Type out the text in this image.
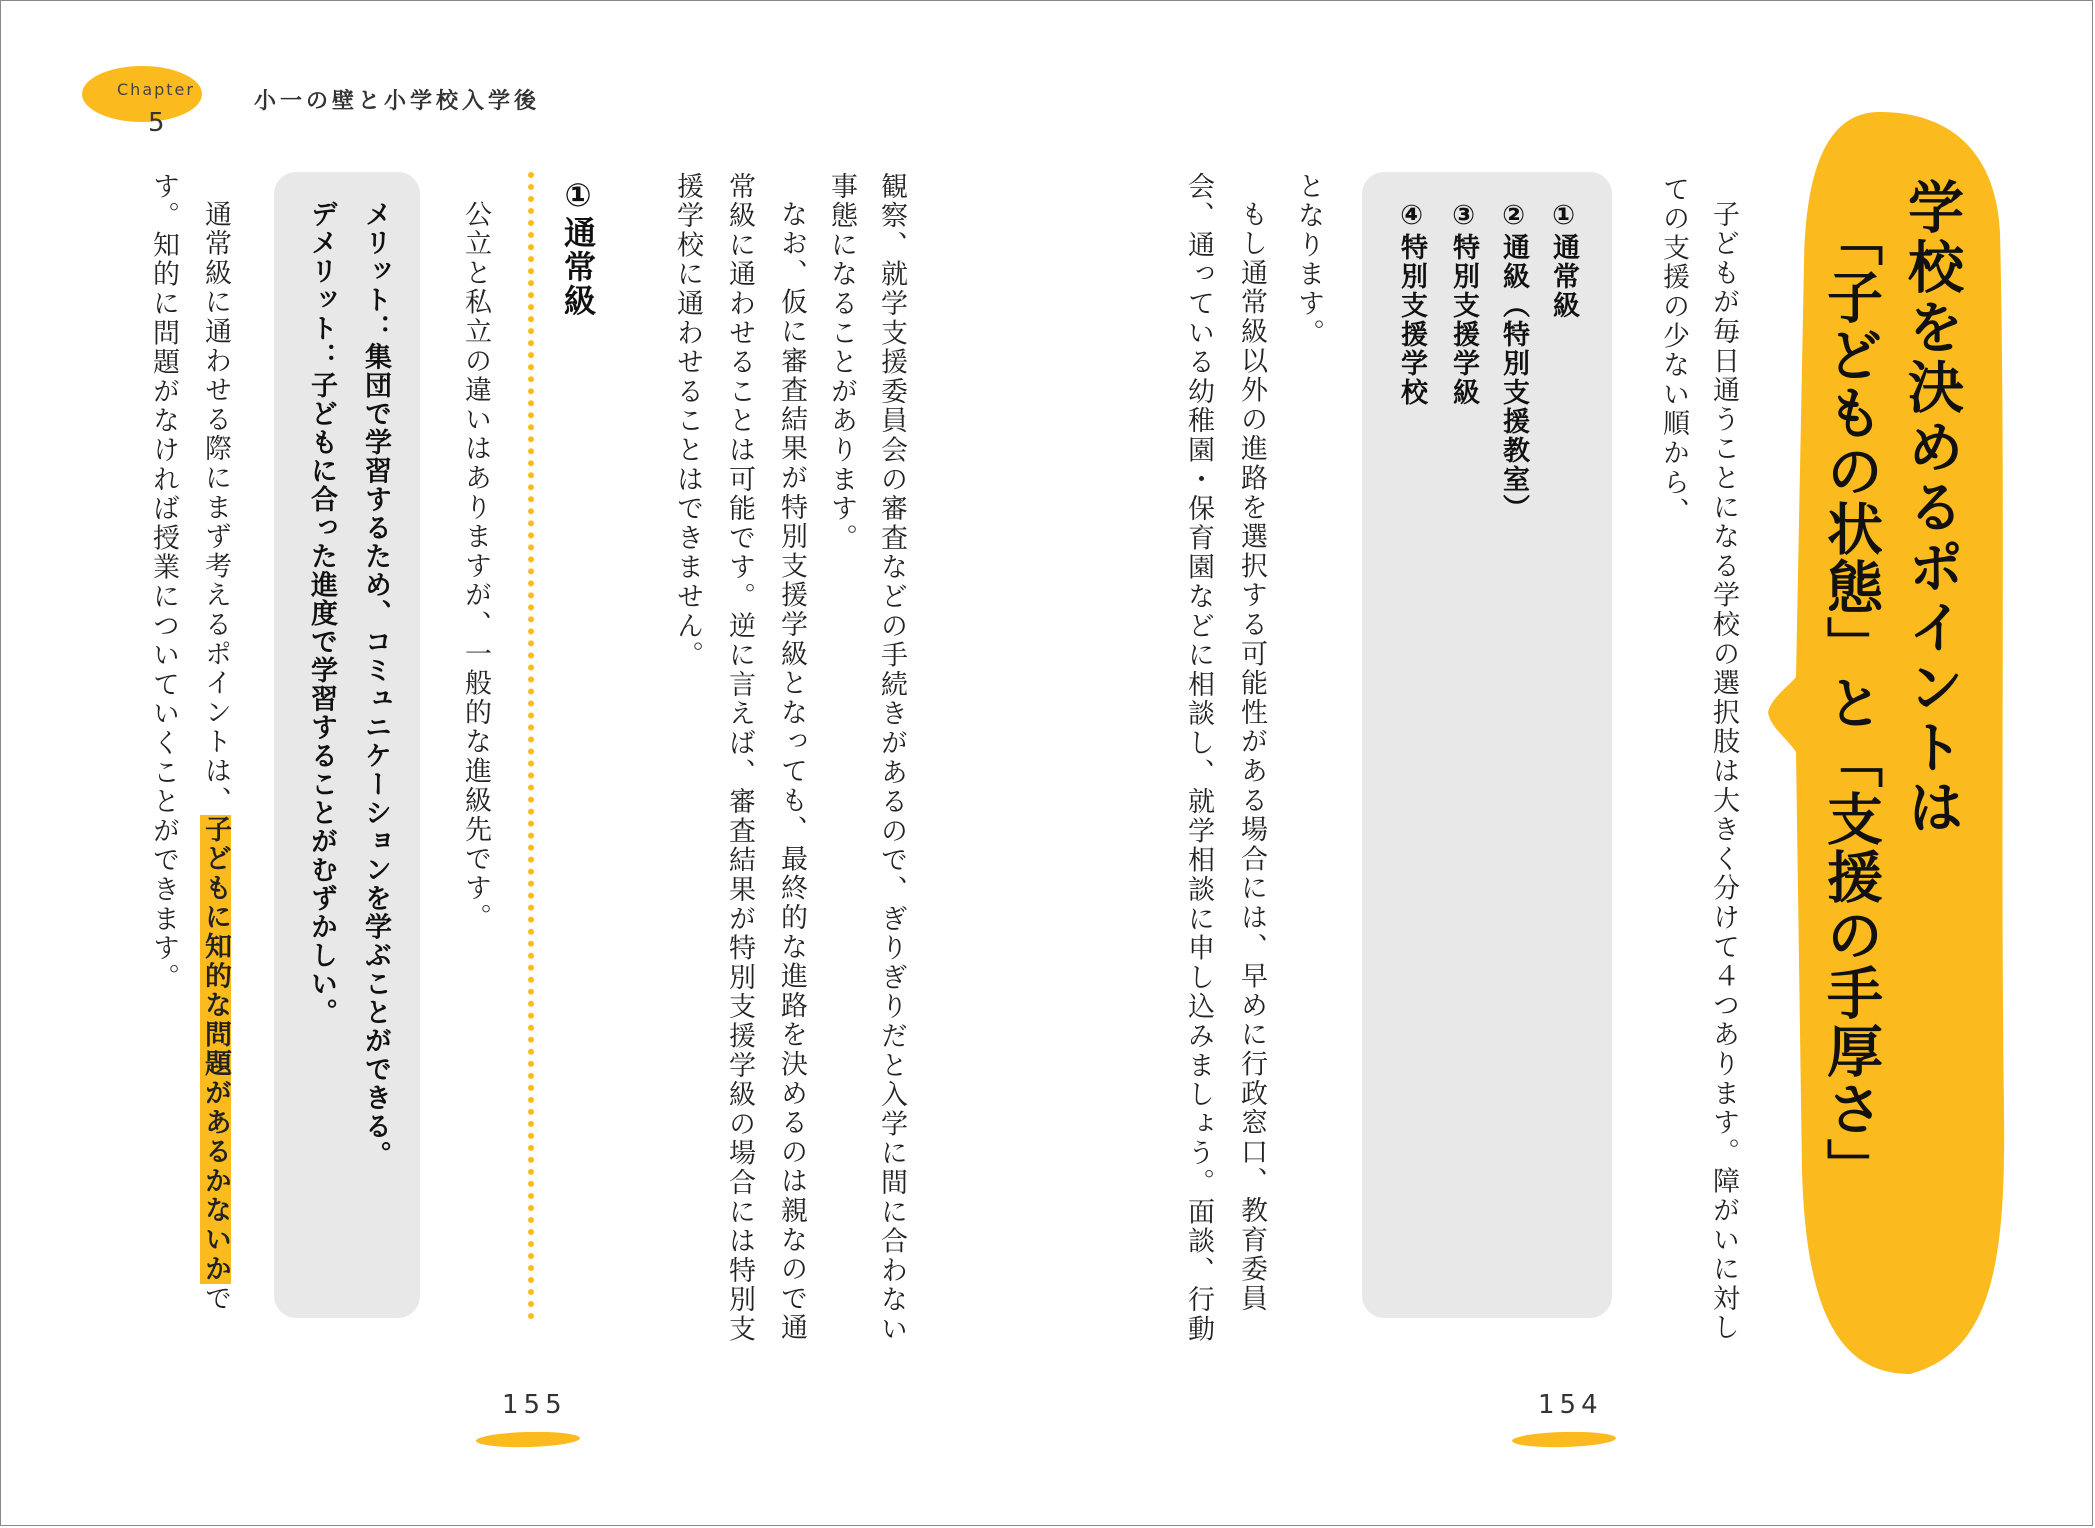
Chapter
5
小一の壁と小学校入学後
学校を決めるポイントは
「子どもの状態」と「支援の手厚さ」
子どもが毎日通うことになる学校の選択肢は大きく分けて４つあります。障がいに対し
ての支援の少ない順から、
①通常級
②通級（特別支援教室）
③特別支援学級
④特別支援学校
となります。
もし通常級以外の進路を選択する可能性がある場合には、早めに行政窓口、教育委員
会、通っている幼稚園・保育園などに相談し、就学相談に申し込みましょう。面談、行動
154
観察、就学支援委員会の審査などの手続きがあるので、ぎりぎりだと入学に間に合わない
事態になることがあります。
なお、仮に審査結果が特別支援学級となっても、最終的な進路を決めるのは親なので通
常級に通わせることは可能です。逆に言えば、審査結果が特別支援学級の場合には特別支
援学校に通わせることはできません。
①通常級
公立と私立の違いはありますが、一般的な進級先です。
メリット：集団で学習するため、コミュニケーションを学ぶことができる。
デメリット：子どもに合った進度で学習することがむずかしい。
通常級に通わせる際にまず考えるポイントは、子どもに知的な問題があるかないかで
す。知的に問題がなければ授業についていくことができます。
155
